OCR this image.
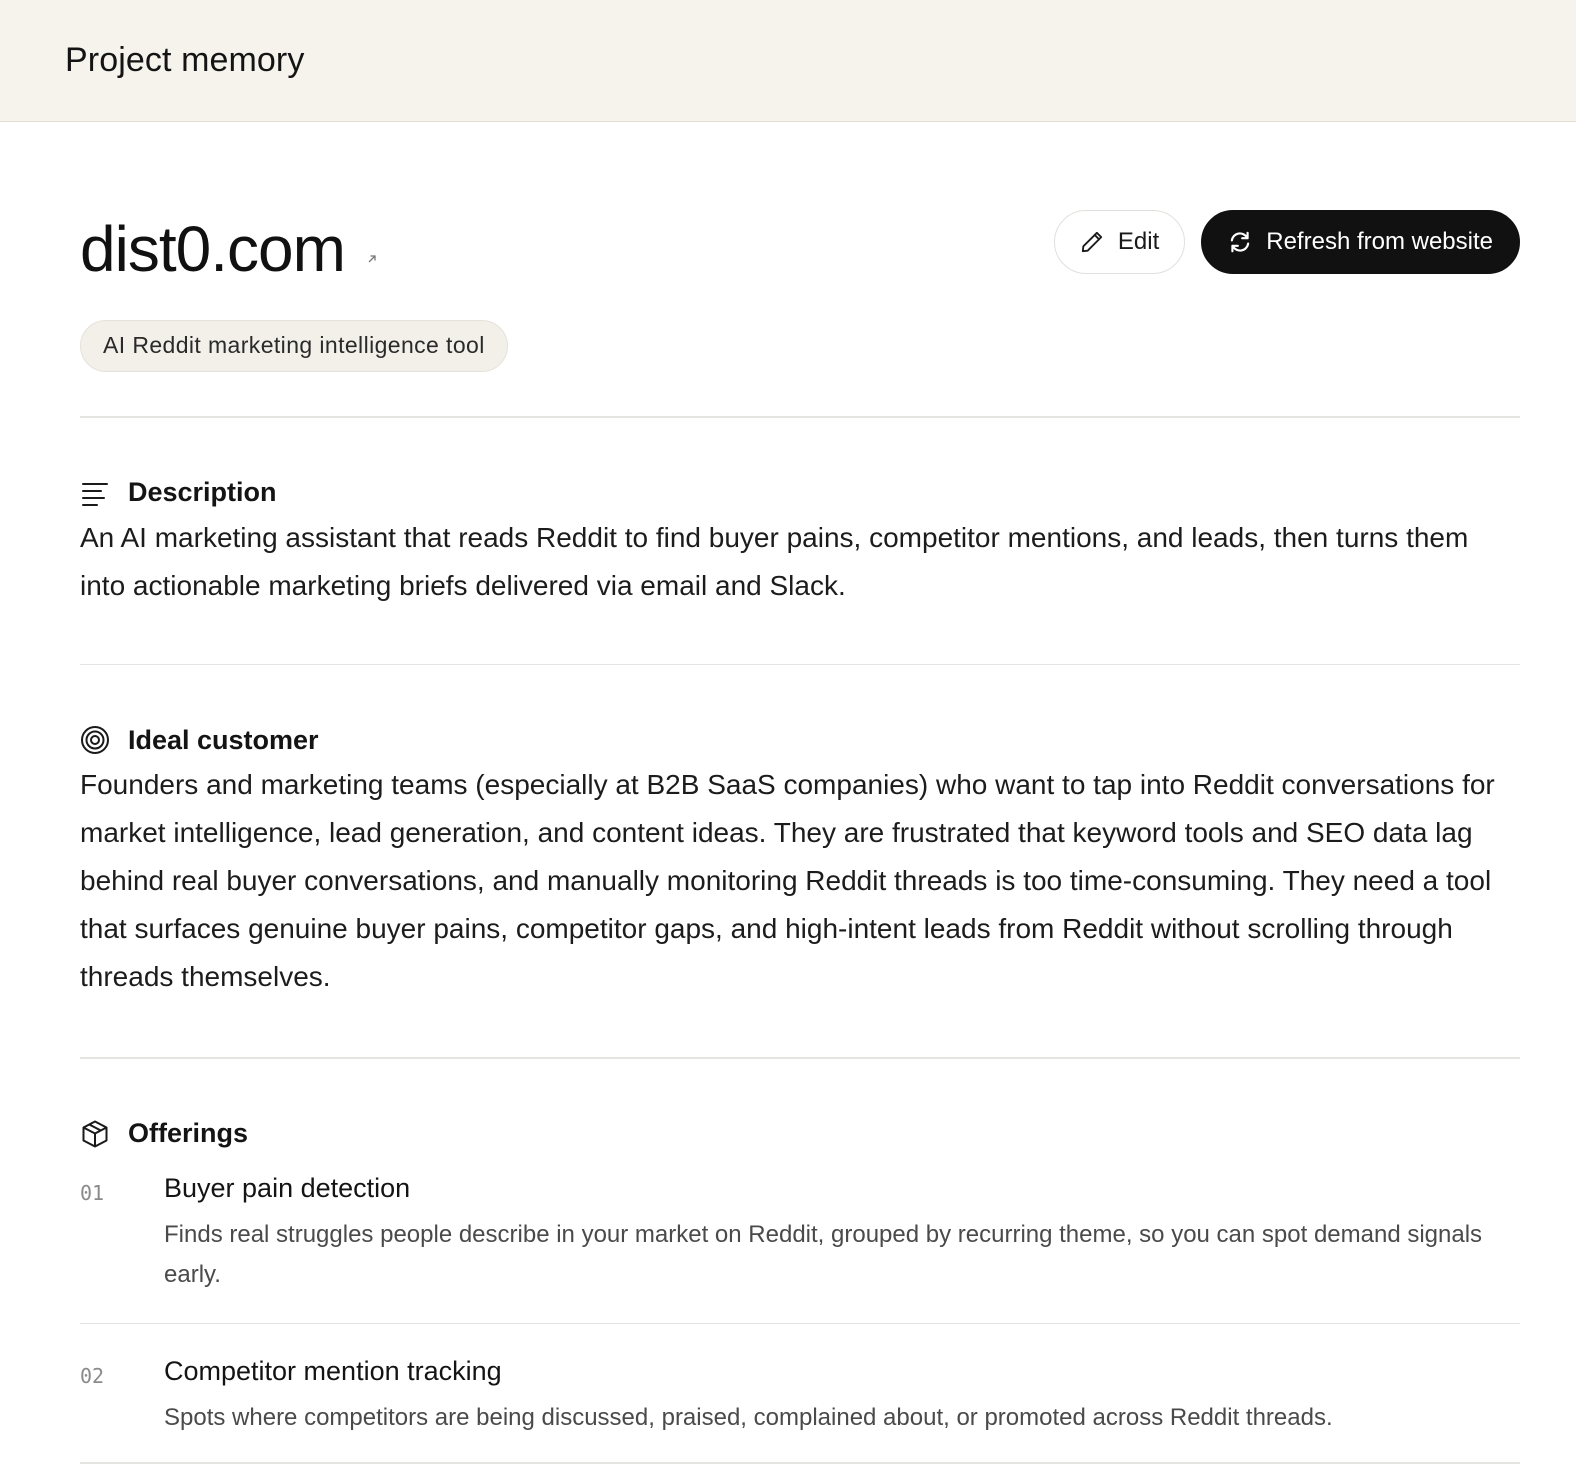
Project memory
dist0.com
AI Reddit marketing intelligence tool
Edit	Refresh from website
Description
An AI marketing assistant that reads Reddit to find buyer pains, competitor mentions, and leads, then turns them into actionable marketing briefs delivered via email and Slack.
Ideal customer
Founders and marketing teams (especially at B2B SaaS companies) who want to tap into Reddit conversations for market intelligence, lead generation, and content ideas. They are frustrated that keyword tools and SEO data lag behind real buyer conversations, and manually monitoring Reddit threads is too time-consuming. They need a tool that surfaces genuine buyer pains, competitor gaps, and high-intent leads from Reddit without scrolling through threads themselves.
Offerings
01	Buyer pain detection
Finds real struggles people describe in your market on Reddit, grouped by recurring theme, so you can spot demand signals early.
02	Competitor mention tracking
Spots where competitors are being discussed, praised, complained about, or promoted across Reddit threads.
